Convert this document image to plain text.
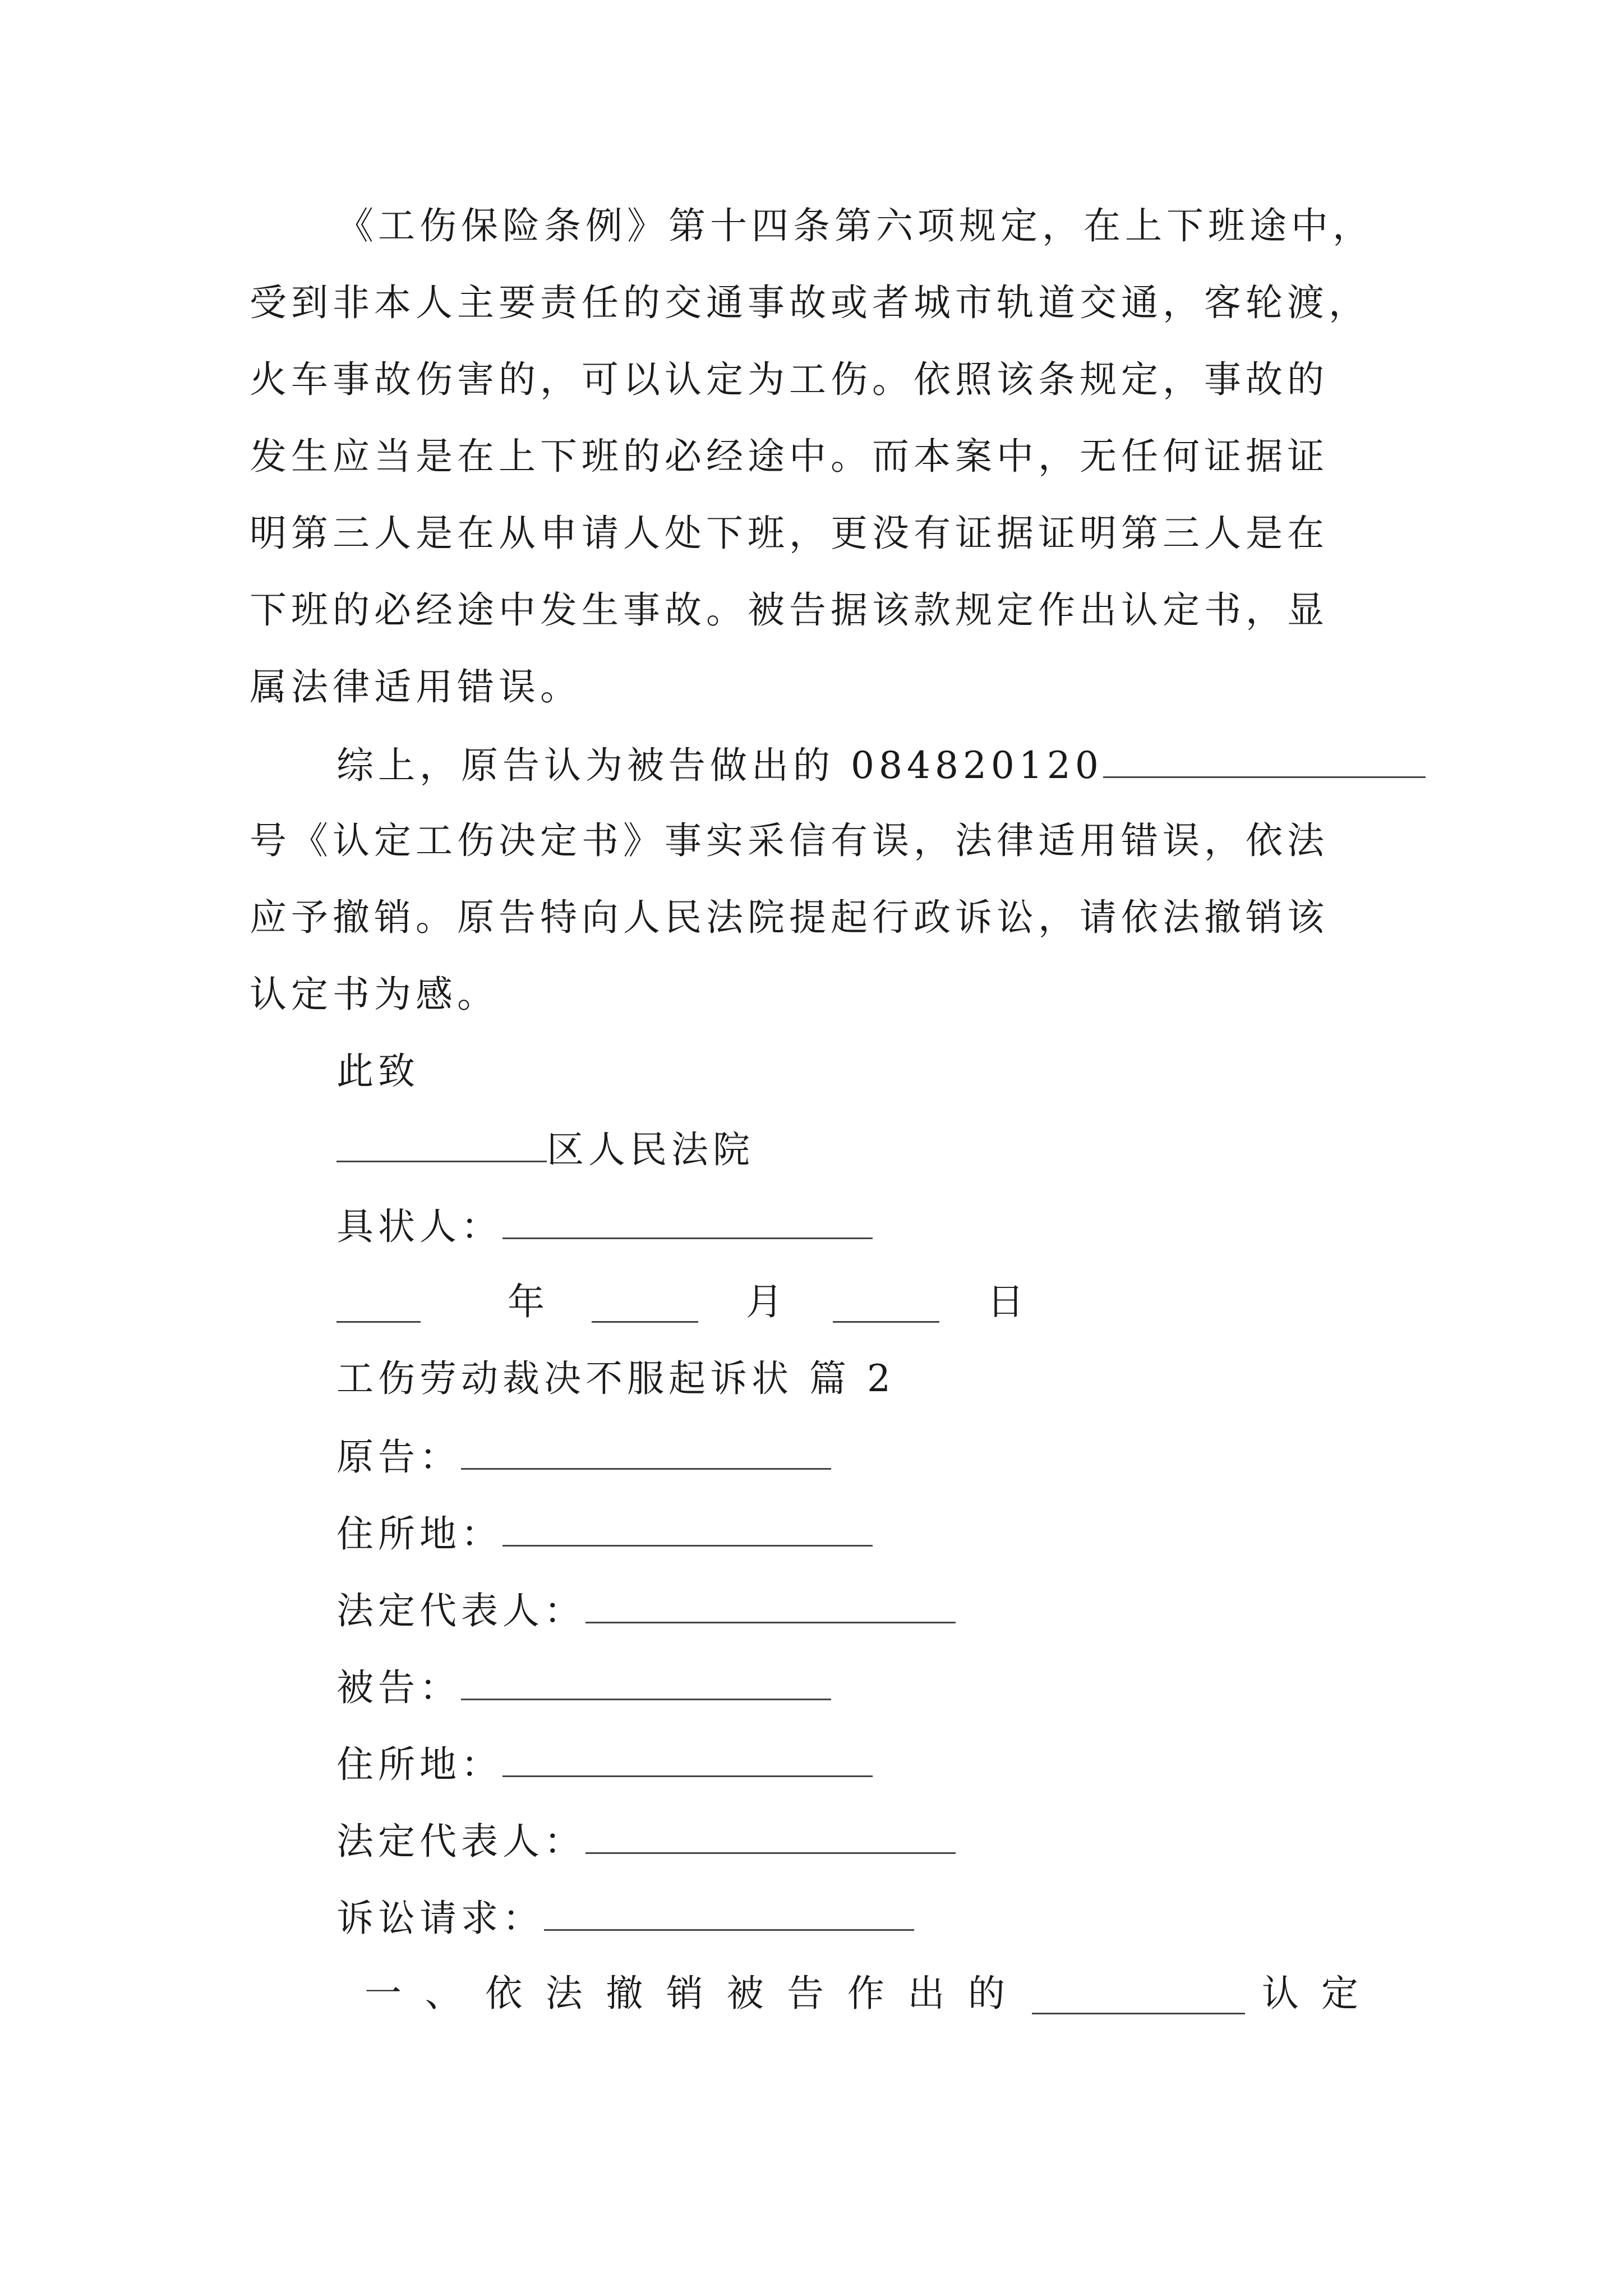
《工伤保险条例》第十四条第六项规定，在上下班途中，
受到非本人主要责任的交通事故或者城市轨道交通，客轮渡，
火车事故伤害的，可以认定为工伤。依照该条规定，事故的
发生应当是在上下班的必经途中。而本案中，无任何证据证
明第三人是在从申请人处下班，更没有证据证明第三人是在
下班的必经途中发生事故。被告据该款规定作出认定书，显
属法律适用错误。
综上，原告认为被告做出的 084820120
号《认定工伤决定书》事实采信有误，法律适用错误，依法
应予撤销。原告特向人民法院提起行政诉讼，请依法撤销该
认定书为感。
此致
区人民法院
具状人：
年	月	日
工伤劳动裁决不服起诉状 篇 2
原告：
住所地：
法定代表人：
被告：
住所地：
法定代表人：
诉讼请求：
一 、 依 法 撤 销 被 告 作 出 的	认 定
